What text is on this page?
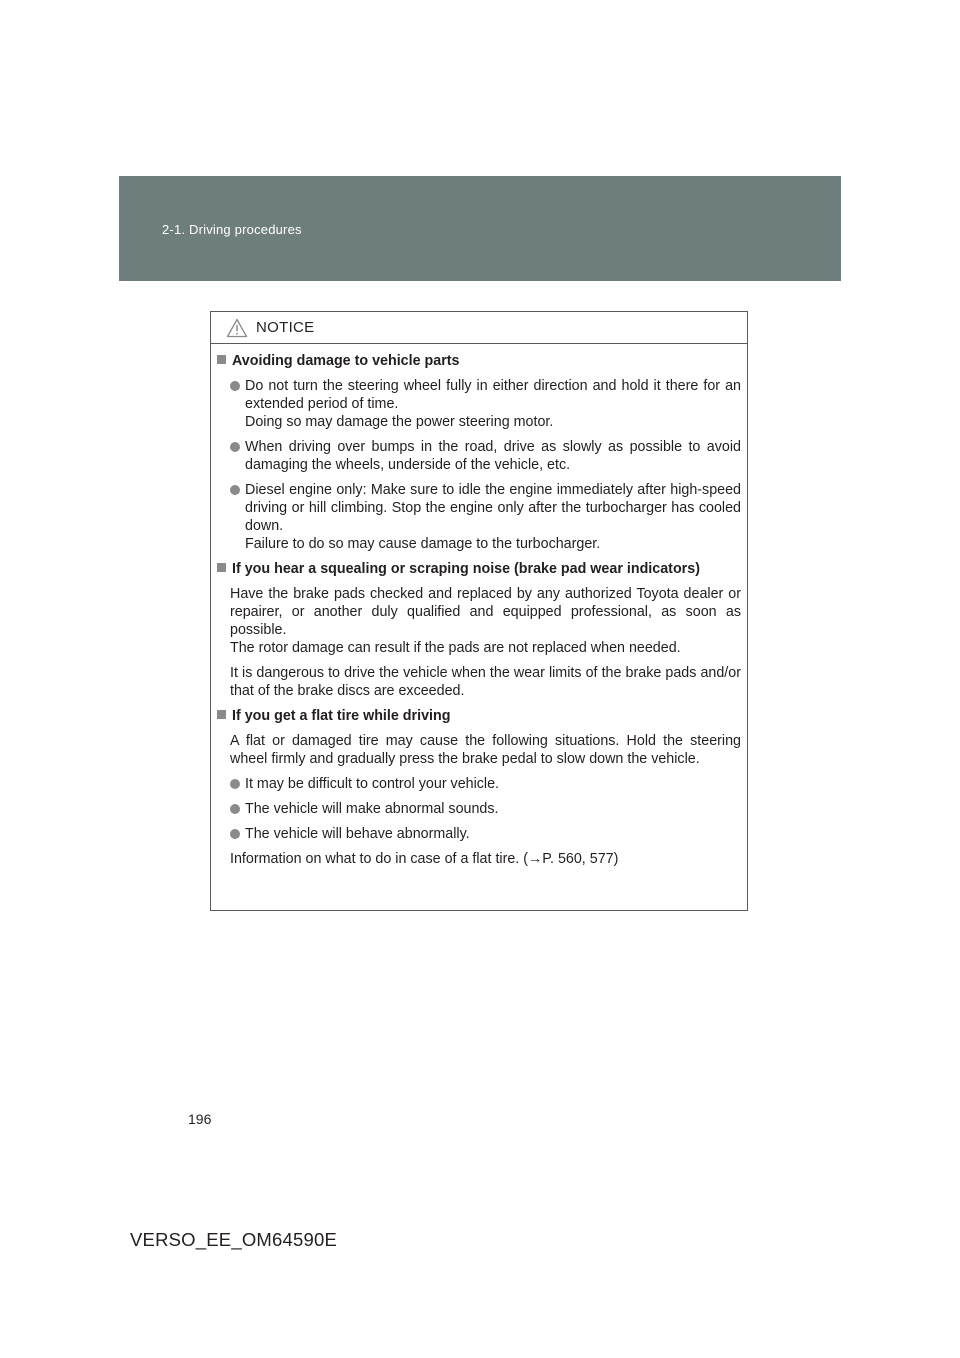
2-1. Driving procedures
NOTICE
Avoiding damage to vehicle parts
Do not turn the steering wheel fully in either direction and hold it there for an extended period of time.
Doing so may damage the power steering motor.
When driving over bumps in the road, drive as slowly as possible to avoid damaging the wheels, underside of the vehicle, etc.
Diesel engine only: Make sure to idle the engine immediately after high-speed driving or hill climbing. Stop the engine only after the turbocharger has cooled down.
Failure to do so may cause damage to the turbocharger.
If you hear a squealing or scraping noise (brake pad wear indicators)
Have the brake pads checked and replaced by any authorized Toyota dealer or repairer, or another duly qualified and equipped professional, as soon as possible.
The rotor damage can result if the pads are not replaced when needed.
It is dangerous to drive the vehicle when the wear limits of the brake pads and/or that of the brake discs are exceeded.
If you get a flat tire while driving
A flat or damaged tire may cause the following situations. Hold the steering wheel firmly and gradually press the brake pedal to slow down the vehicle.
It may be difficult to control your vehicle.
The vehicle will make abnormal sounds.
The vehicle will behave abnormally.
Information on what to do in case of a flat tire. (→P. 560, 577)
196
VERSO_EE_OM64590E
